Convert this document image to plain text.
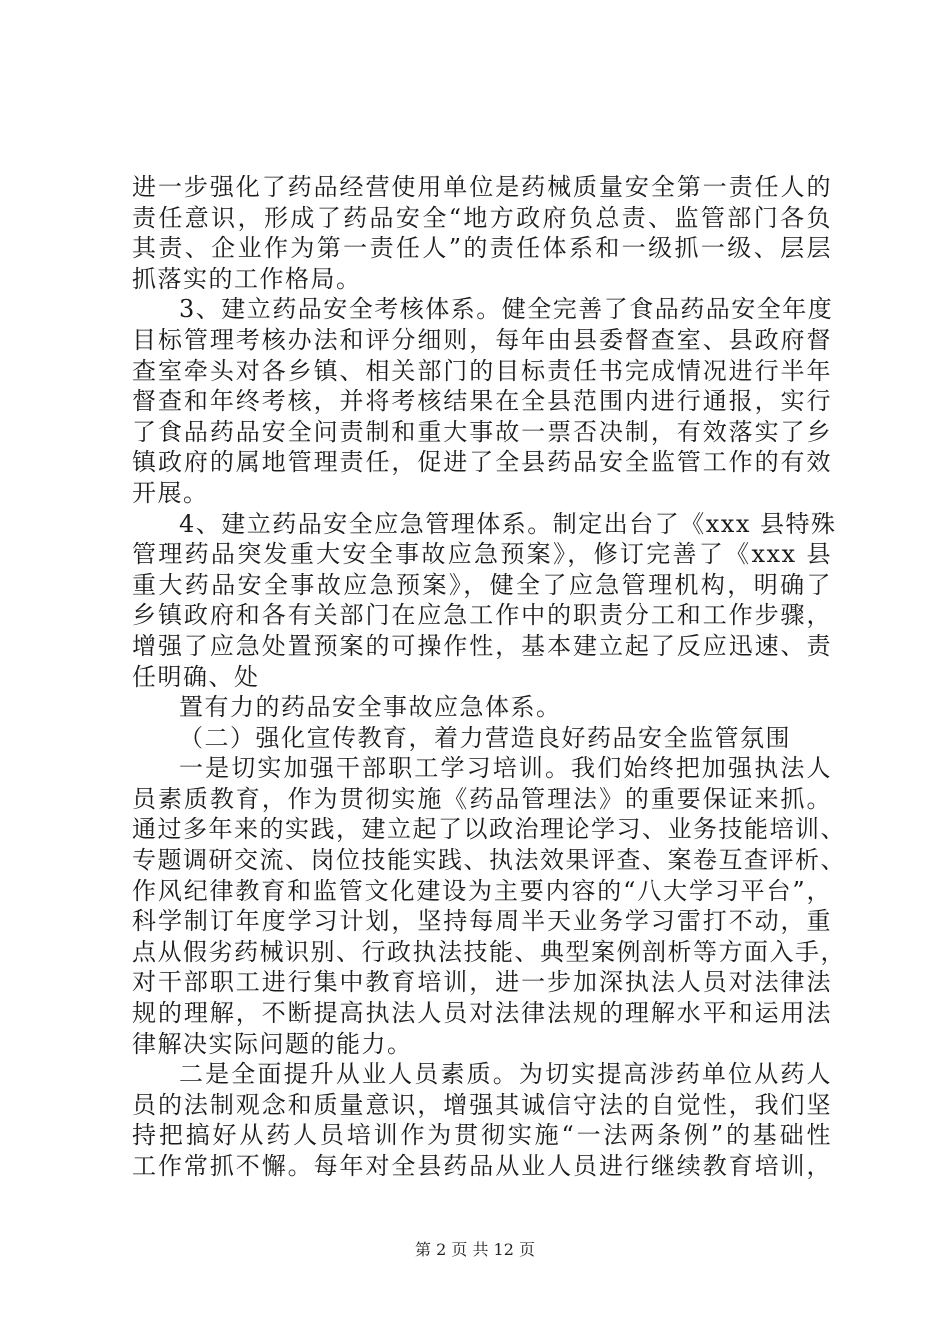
进一步强化了药品经营使用单位是药械质量安全第一责任人的
责任意识，形成了药品安全“地方政府负总责、监管部门各负
其责、企业作为第一责任人”的责任体系和一级抓一级、层层
抓落实的工作格局。
3、建立药品安全考核体系。健全完善了食品药品安全年度
目标管理考核办法和评分细则，每年由县委督查室、县政府督
查室牵头对各乡镇、相关部门的目标责任书完成情况进行半年
督查和年终考核，并将考核结果在全县范围内进行通报，实行
了食品药品安全问责制和重大事故一票否决制，有效落实了乡
镇政府的属地管理责任，促进了全县药品安全监管工作的有效
开展。
4、建立药品安全应急管理体系。制定出台了《xxx 县特殊
管理药品突发重大安全事故应急预案》，修订完善了《xxx 县
重大药品安全事故应急预案》，健全了应急管理机构，明确了
乡镇政府和各有关部门在应急工作中的职责分工和工作步骤，
增强了应急处置预案的可操作性，基本建立起了反应迅速、责
任明确、处
置有力的药品安全事故应急体系。
（二）强化宣传教育，着力营造良好药品安全监管氛围
一是切实加强干部职工学习培训。我们始终把加强执法人
员素质教育，作为贯彻实施《药品管理法》的重要保证来抓。
通过多年来的实践，建立起了以政治理论学习、业务技能培训、
专题调研交流、岗位技能实践、执法效果评查、案卷互查评析、
作风纪律教育和监管文化建设为主要内容的“八大学习平台”，
科学制订年度学习计划，坚持每周半天业务学习雷打不动，重
点从假劣药械识别、行政执法技能、典型案例剖析等方面入手，
对干部职工进行集中教育培训，进一步加深执法人员对法律法
规的理解，不断提高执法人员对法律法规的理解水平和运用法
律解决实际问题的能力。
二是全面提升从业人员素质。为切实提高涉药单位从药人
员的法制观念和质量意识，增强其诚信守法的自觉性，我们坚
持把搞好从药人员培训作为贯彻实施“一法两条例”的基础性
工作常抓不懈。每年对全县药品从业人员进行继续教育培训，
第 2 页 共 12 页
